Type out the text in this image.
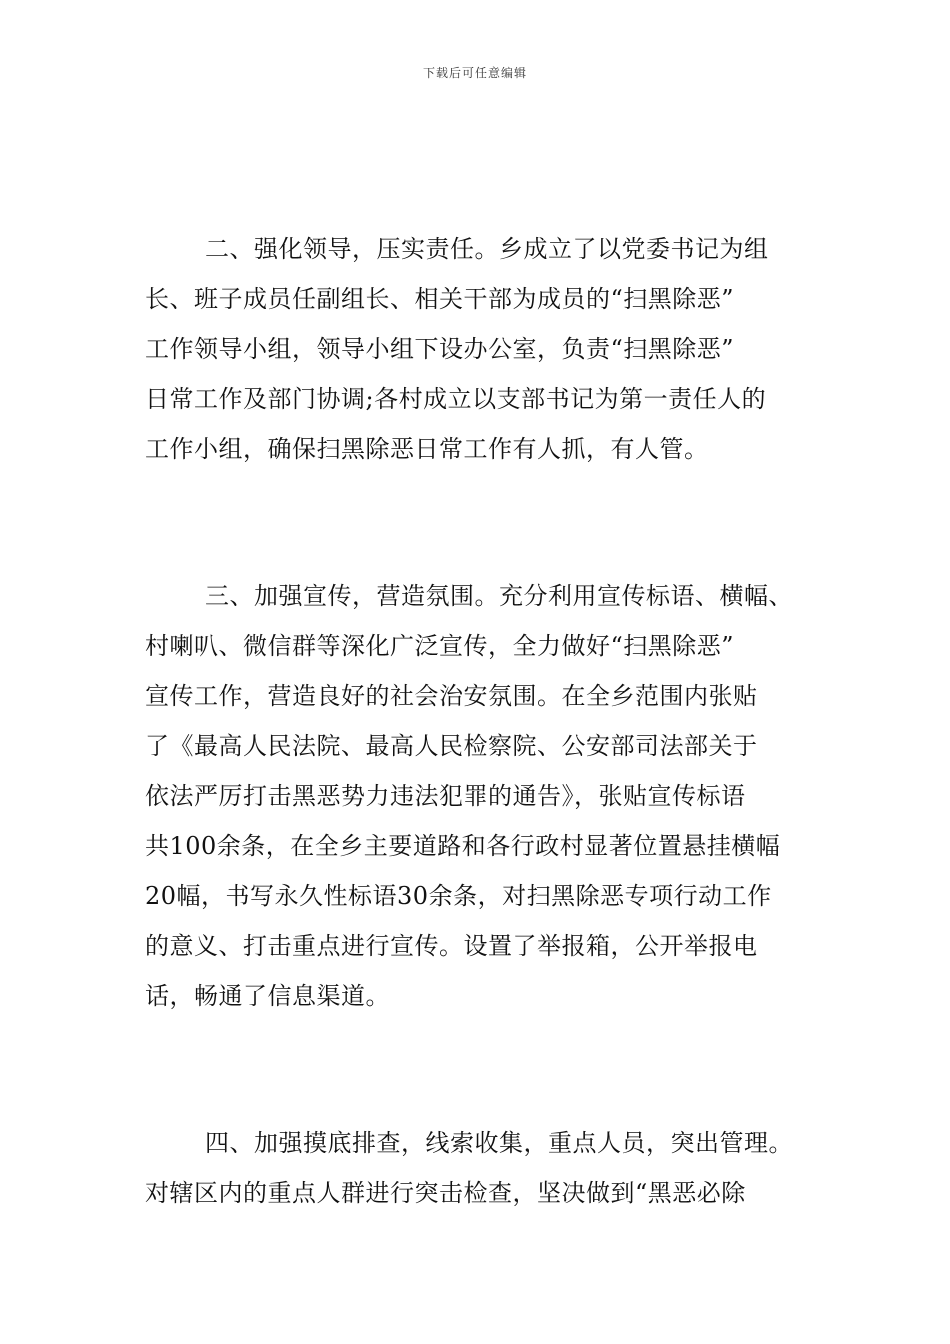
下载后可任意编辑
二、强化领导，压实责任。乡成立了以党委书记为组
长、班子成员任副组长、相关干部为成员的“扫黑除恶”
工作领导小组，领导小组下设办公室，负责“扫黑除恶”
日常工作及部门协调;各村成立以支部书记为第一责任人的
工作小组，确保扫黑除恶日常工作有人抓，有人管。
三、加强宣传，营造氛围。充分利用宣传标语、横幅、
村喇叭、微信群等深化广泛宣传，全力做好“扫黑除恶”
宣传工作，营造良好的社会治安氛围。在全乡范围内张贴
了《最高人民法院、最高人民检察院、公安部司法部关于
依法严厉打击黑恶势力违法犯罪的通告》，张贴宣传标语
共100余条，在全乡主要道路和各行政村显著位置悬挂横幅
20幅，书写永久性标语30余条，对扫黑除恶专项行动工作
的意义、打击重点进行宣传。设置了举报箱，公开举报电
话，畅通了信息渠道。
四、加强摸底排查，线索收集，重点人员，突出管理。
对辖区内的重点人群进行突击检查，坚决做到“黑恶必除
